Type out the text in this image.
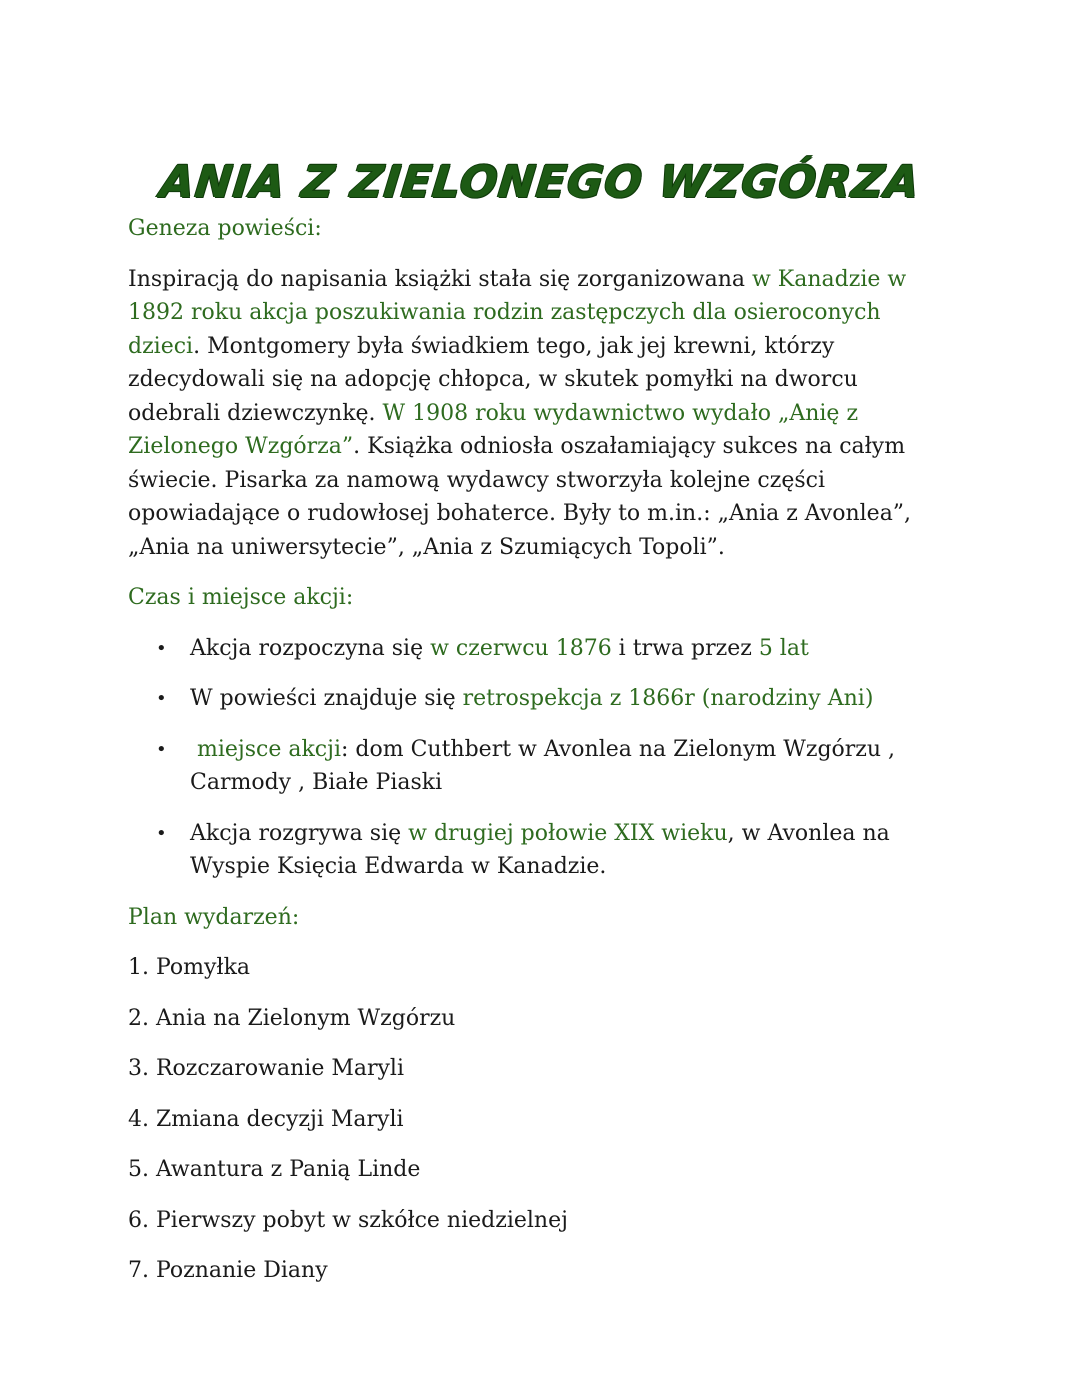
ANIA Z ZIELONEGO WZGÓRZA

Geneza powieści:

Inspiracją do napisania książki stała się zorganizowana w Kanadzie w 1892 roku akcja poszukiwania rodzin zastępczych dla osieroconych dzieci. Montgomery była świadkiem tego, jak jej krewni, którzy zdecydowali się na adopcję chłopca, w skutek pomyłki na dworcu odebrali dziewczynkę. W 1908 roku wydawnictwo wydało „Anię z Zielonego Wzgórza”. Książka odniosła oszałamiający sukces na całym świecie. Pisarka za namową wydawcy stworzyła kolejne części opowiadające o rudowłosej bohaterce. Były to m.in.: „Ania z Avonlea”, „Ania na uniwersytecie”, „Ania z Szumiących Topoli”.

Czas i miejsce akcji:

• Akcja rozpoczyna się w czerwcu 1876 i trwa przez 5 lat
• W powieści znajduje się retrospekcja z 1866r (narodziny Ani)
• miejsce akcji: dom Cuthbert w Avonlea na Zielonym Wzgórzu , Carmody , Białe Piaski
• Akcja rozgrywa się w drugiej połowie XIX wieku, w Avonlea na Wyspie Księcia Edwarda w Kanadzie.

Plan wydarzeń:

1. Pomyłka
2. Ania na Zielonym Wzgórzu
3. Rozczarowanie Maryli
4. Zmiana decyzji Maryli
5. Awantura z Panią Linde
6. Pierwszy pobyt w szkółce niedzielnej
7. Poznanie Diany
